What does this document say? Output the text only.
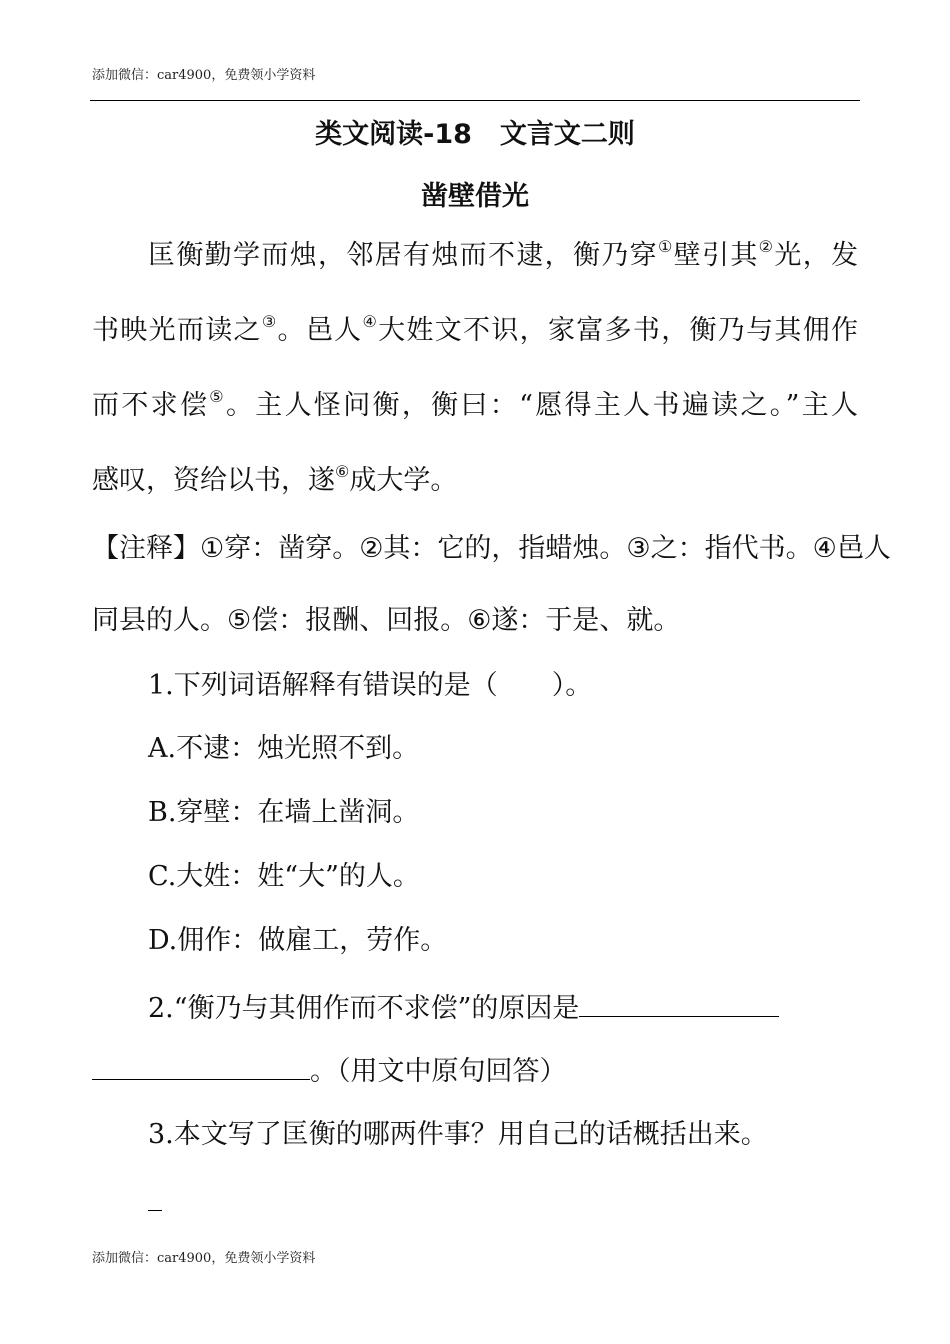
添加微信：car4900，免费领小学资料
类文阅读-18 文言文二则
凿壁借光
匡衡勤学而烛，邻居有烛而不逮，衡乃穿①壁引其②光，发
书映光而读之③。邑人④大姓文不识，家富多书，衡乃与其佣作
而不求偿⑤。主人怪问衡，衡曰：“愿得主人书遍读之。”主人
感叹，资给以书，遂⑥成大学。
【注释】①穿：凿穿。②其：它的，指蜡烛。③之：指代书。④邑人
同县的人。⑤偿：报酬、回报。⑥遂：于是、就。
1.下列词语解释有错误的是（　　）。
A.不逮：烛光照不到。
B.穿壁：在墙上凿洞。
C.大姓：姓“大”的人。
D.佣作：做雇工，劳作。
2.“衡乃与其佣作而不求偿”的原因是
。（用文中原句回答）
3.本文写了匡衡的哪两件事？用自己的话概括出来。
添加微信：car4900，免费领小学资料
